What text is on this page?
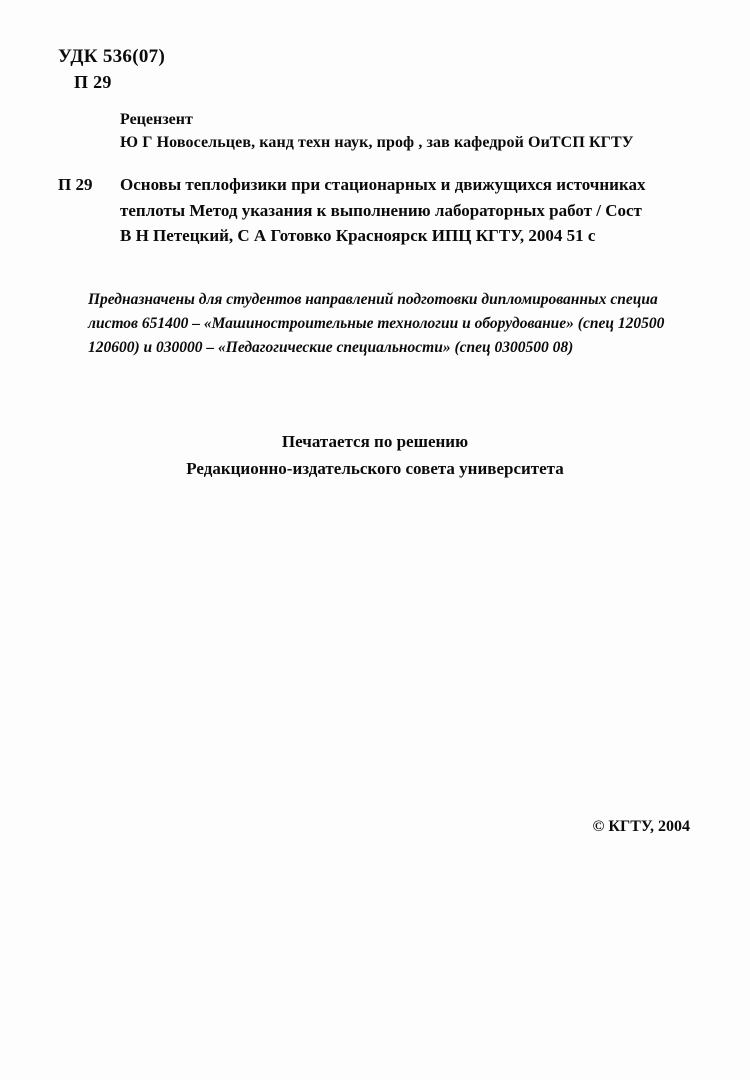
УДК 536(07)
П 29
Рецензент
Ю Г Новосельцев, канд техн наук, проф , зав кафедрой ОиТСП КГТУ
П 29 Основы теплофизики при стационарных и движущихся источниках
теплоты Метод указания к выполнению лабораторных работ / Сост
В Н Петецкий, С А Готовко Красноярск ИПЦ КГТУ, 2004 51 с
Предназначены для студентов направлений подготовки дипломированных специа
листов 651400 – «Машиностроительные технологии и оборудование» (спец 120500
120600) и 030000 – «Педагогические специальности» (спец 0300500 08)
Печатается по решению
Редакционно-издательского совета университета
© КГТУ, 2004
